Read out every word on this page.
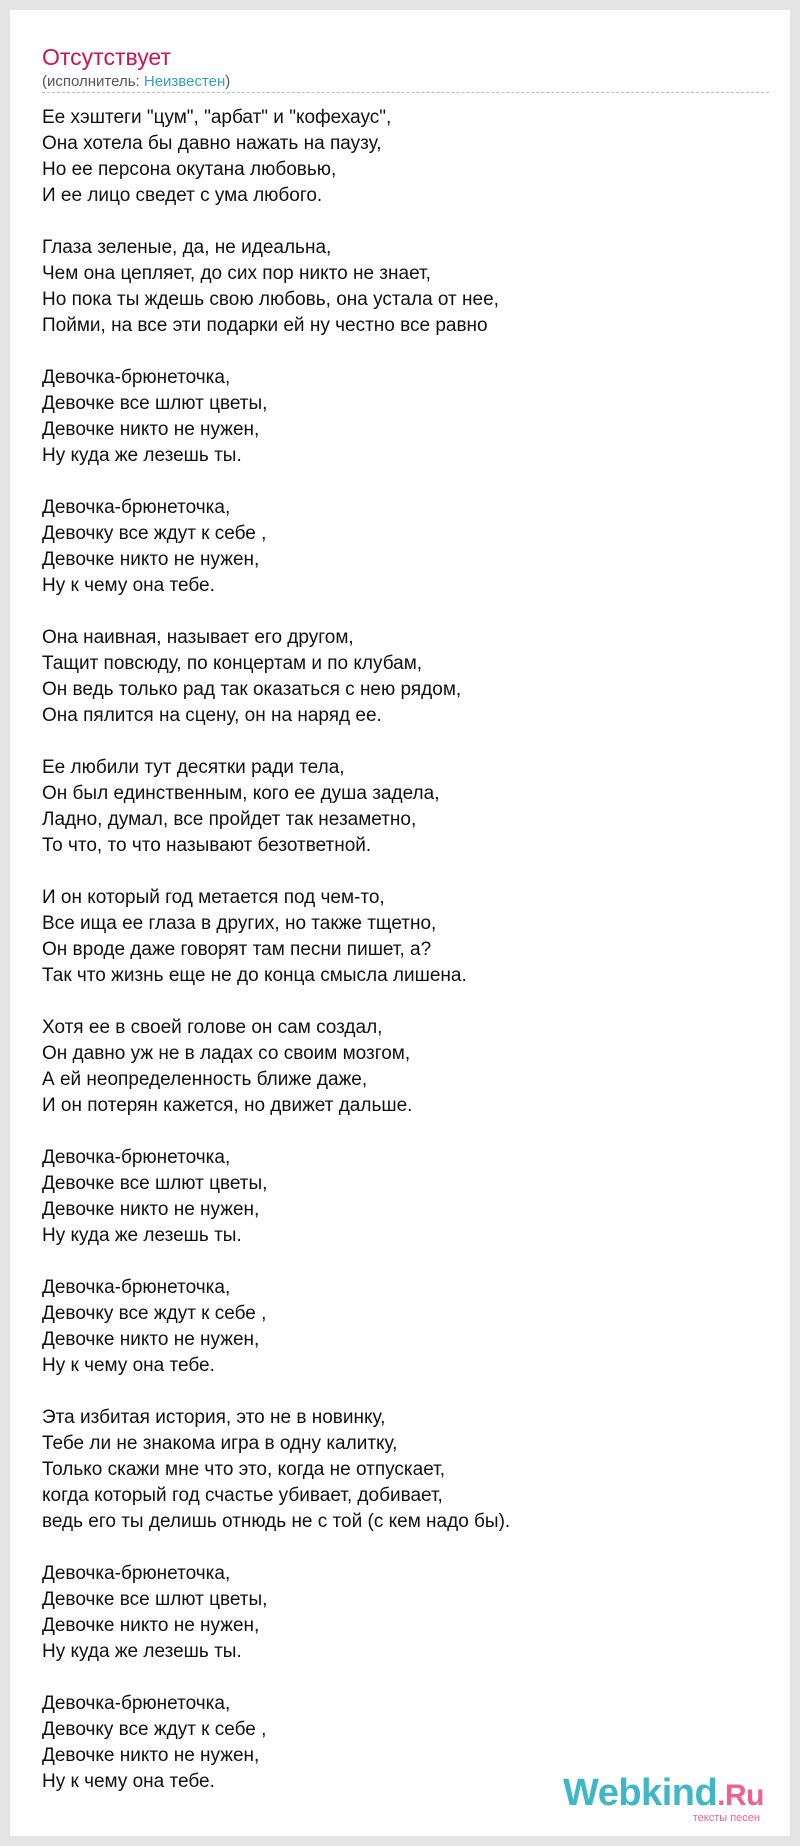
Отсутствует
(исполнитель: Неизвестен)
Ее хэштеги "цум", "арбат" и "кофехаус",
Она хотела бы давно нажать на паузу,
Но ее персона окутана любовью,
И ее лицо сведет с ума любого.
Глаза зеленые, да, не идеальна,
Чем она цепляет, до сих пор никто не знает,
Но пока ты ждешь свою любовь, она устала от нее,
Пойми, на все эти подарки ей ну честно все равно
Девочка-брюнеточка,
Девочке все шлют цветы,
Девочке никто не нужен,
Ну куда же лезешь ты.
Девочка-брюнеточка,
Девочку все ждут к себе ,
Девочке никто не нужен,
Ну к чему она тебе.
Она наивная, называет его другом,
Тащит повсюду, по концертам и по клубам,
Он ведь только рад так оказаться с нею рядом,
Она пялится на сцену, он на наряд ее.
Ее любили тут десятки ради тела,
Он был единственным, кого ее душа задела,
Ладно, думал, все пройдет так незаметно,
То что, то что называют безответной.
И он который год метается под чем-то,
Все ища ее глаза в других, но также тщетно,
Он вроде даже говорят там песни пишет, а?
Так что жизнь еще не до конца смысла лишена.
Хотя ее в своей голове он сам создал,
Он давно уж не в ладах со своим мозгом,
А ей неопределенность ближе даже,
И он потерян кажется, но движет дальше.
Девочка-брюнеточка,
Девочке все шлют цветы,
Девочке никто не нужен,
Ну куда же лезешь ты.
Девочка-брюнеточка,
Девочку все ждут к себе ,
Девочке никто не нужен,
Ну к чему она тебе.
Эта избитая история, это не в новинку,
Тебе ли не знакома игра в одну калитку,
Только скажи мне что это, когда не отпускает,
когда который год счастье убивает, добивает,
ведь его ты делишь отнюдь не с той (с кем надо бы).
Девочка-брюнеточка,
Девочке все шлют цветы,
Девочке никто не нужен,
Ну куда же лезешь ты.
Девочка-брюнеточка,
Девочку все ждут к себе ,
Девочке никто не нужен,
Ну к чему она тебе.	Webkind.Ru
тексты песен
